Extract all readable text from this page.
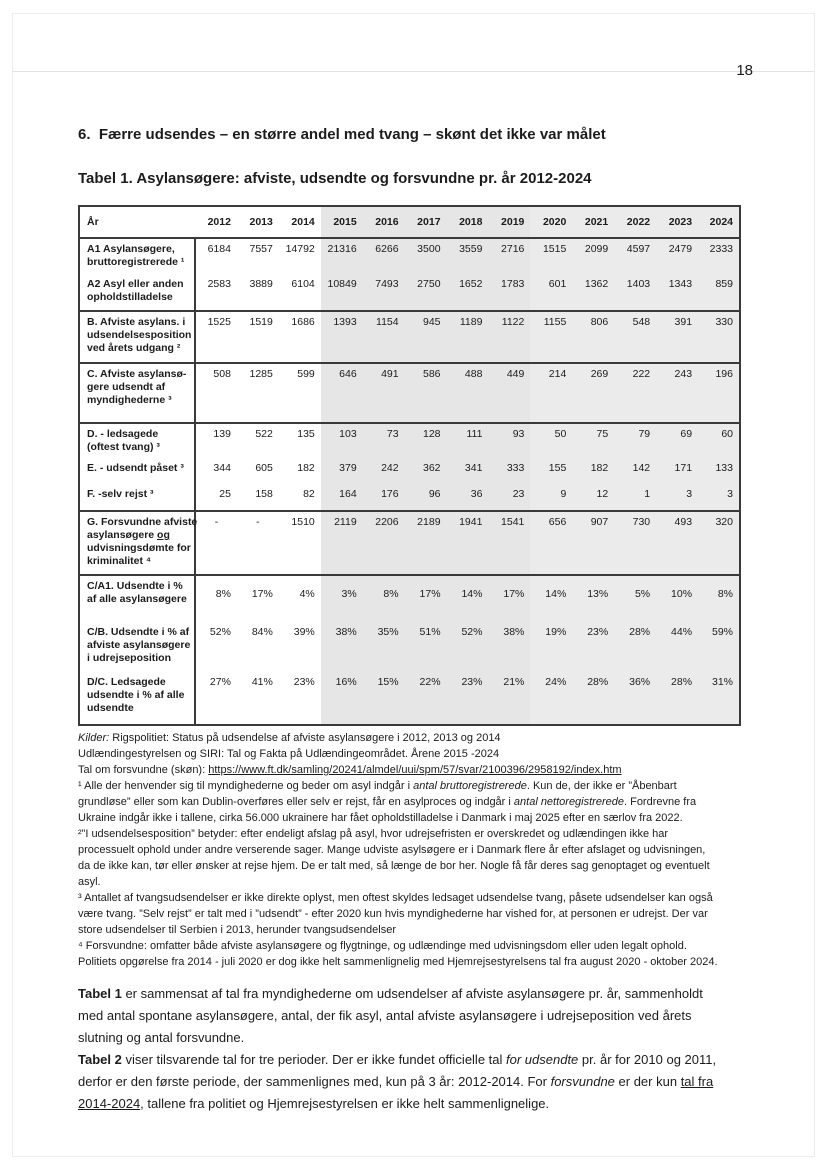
18
6.  Færre udsendes – en større andel med tvang – skønt det ikke var målet
Tabel 1. Asylansøgere: afviste, udsendte og forsvundne pr. år 2012-2024
År	2012	2013	2014	2015	2016	2017	2018	2019	2020	2021	2022	2023	2024

A1 Asylansøgere,
bruttoregistrerede ¹	6184	7557	14792	21316	6266	3500	3559	2716	1515	2099	4597	2479	2333

A2 Asyl eller anden
opholdstilladelse	2583	3889	6104	10849	7493	2750	1652	1783	601	1362	1403	1343	859

B. Afviste asylans. i
udsendelsesposition
ved årets udgang ²	1525	1519	1686	1393	1154	945	1189	1122	1155	806	548	391	330

C. Afviste asylansø-
gere udsendt af
myndighederne ³	508	1285	599	646	491	586	488	449	214	269	222	243	196

D. - ledsagede
(oftest tvang) ³	139	522	135	103	73	128	111	93	50	75	79	69	60

E. - udsendt påset ³	344	605	182	379	242	362	341	333	155	182	142	171	133

F. -selv rejst ³	25	158	82	164	176	96	36	23	9	12	1	3	3

G. Forsvundne afviste
asylansøgere og
udvisningsdømte for
kriminalitet ⁴	-	-	1510	2119	2206	2189	1941	1541	656	907	730	493	320

C/A1. Udsendte i %
af alle asylansøgere	8%	17%	4%	3%	8%	17%	14%	17%	14%	13%	5%	10%	8%

C/B. Udsendte i % af
afviste asylansøgere
i udrejseposition	52%	84%	39%	38%	35%	51%	52%	38%	19%	23%	28%	44%	59%

D/C. Ledsagede
udsendte i % af alle
udsendte	27%	41%	23%	16%	15%	22%	23%	21%	24%	28%	36%	28%	31%

Kilder: Rigspolitiet: Status på udsendelse af afviste asylansøgere i 2012, 2013 og 2014

Udlændingestyrelsen og SIRI: Tal og Fakta på Udlændingeområdet. Årene 2015 -2024

Tal om forsvundne (skøn): https://www.ft.dk/samling/20241/almdel/uui/spm/57/svar/2100396/2958192/index.htm

¹ Alle der henvender sig til myndighederne og beder om asyl indgår i antal bruttoregistrerede. Kun de, der ikke er ”Åbenbart grundløse” eller som kan Dublin-overføres eller selv er rejst, får en asylproces og indgår i antal nettoregistrerede. Fordrevne fra Ukraine indgår ikke i tallene, cirka 56.000 ukrainere har fået opholdstilladelse i Danmark i maj 2025 efter en særlov fra 2022.

²”I udsendelsesposition” betyder: efter endeligt afslag på asyl, hvor udrejsefristen er overskredet og udlændingen ikke har processuelt ophold under andre verserende sager. Mange udviste asylsøgere er i Danmark flere år efter afslaget og udvisningen, da de ikke kan, tør eller ønsker at rejse hjem. De er talt med, så længe de bor her. Nogle få får deres sag genoptaget og eventuelt asyl.

³ Antallet af tvangsudsendelser er ikke direkte oplyst, men oftest skyldes ledsaget udsendelse tvang, påsete udsendelser kan også være tvang. ”Selv rejst” er talt med i ”udsendt” - efter 2020 kun hvis myndighederne har vished for, at personen er udrejst. Der var store udsendelser til Serbien i 2013, herunder tvangsudsendelser

⁴ Forsvundne: omfatter både afviste asylansøgere og flygtninge, og udlændinge med udvisningsdom eller uden legalt ophold. Politiets opgørelse fra 2014 - juli 2020 er dog ikke helt sammenlignelig med Hjemrejsestyrelsens tal fra august 2020 - oktober 2024.

Tabel 1 er sammensat af tal fra myndighederne om udsendelser af afviste asylansøgere pr. år, sammenholdt med antal spontane asylansøgere, antal, der fik asyl, antal afviste asylansøgere i udrejseposition ved årets slutning og antal forsvundne.

Tabel 2 viser tilsvarende tal for tre perioder. Der er ikke fundet officielle tal for udsendte pr. år for 2010 og 2011, derfor er den første periode, der sammenlignes med, kun på 3 år: 2012-2014. For forsvundne er der kun tal fra 2014-2024, tallene fra politiet og Hjemrejsestyrelsen er ikke helt sammenlignelige.
